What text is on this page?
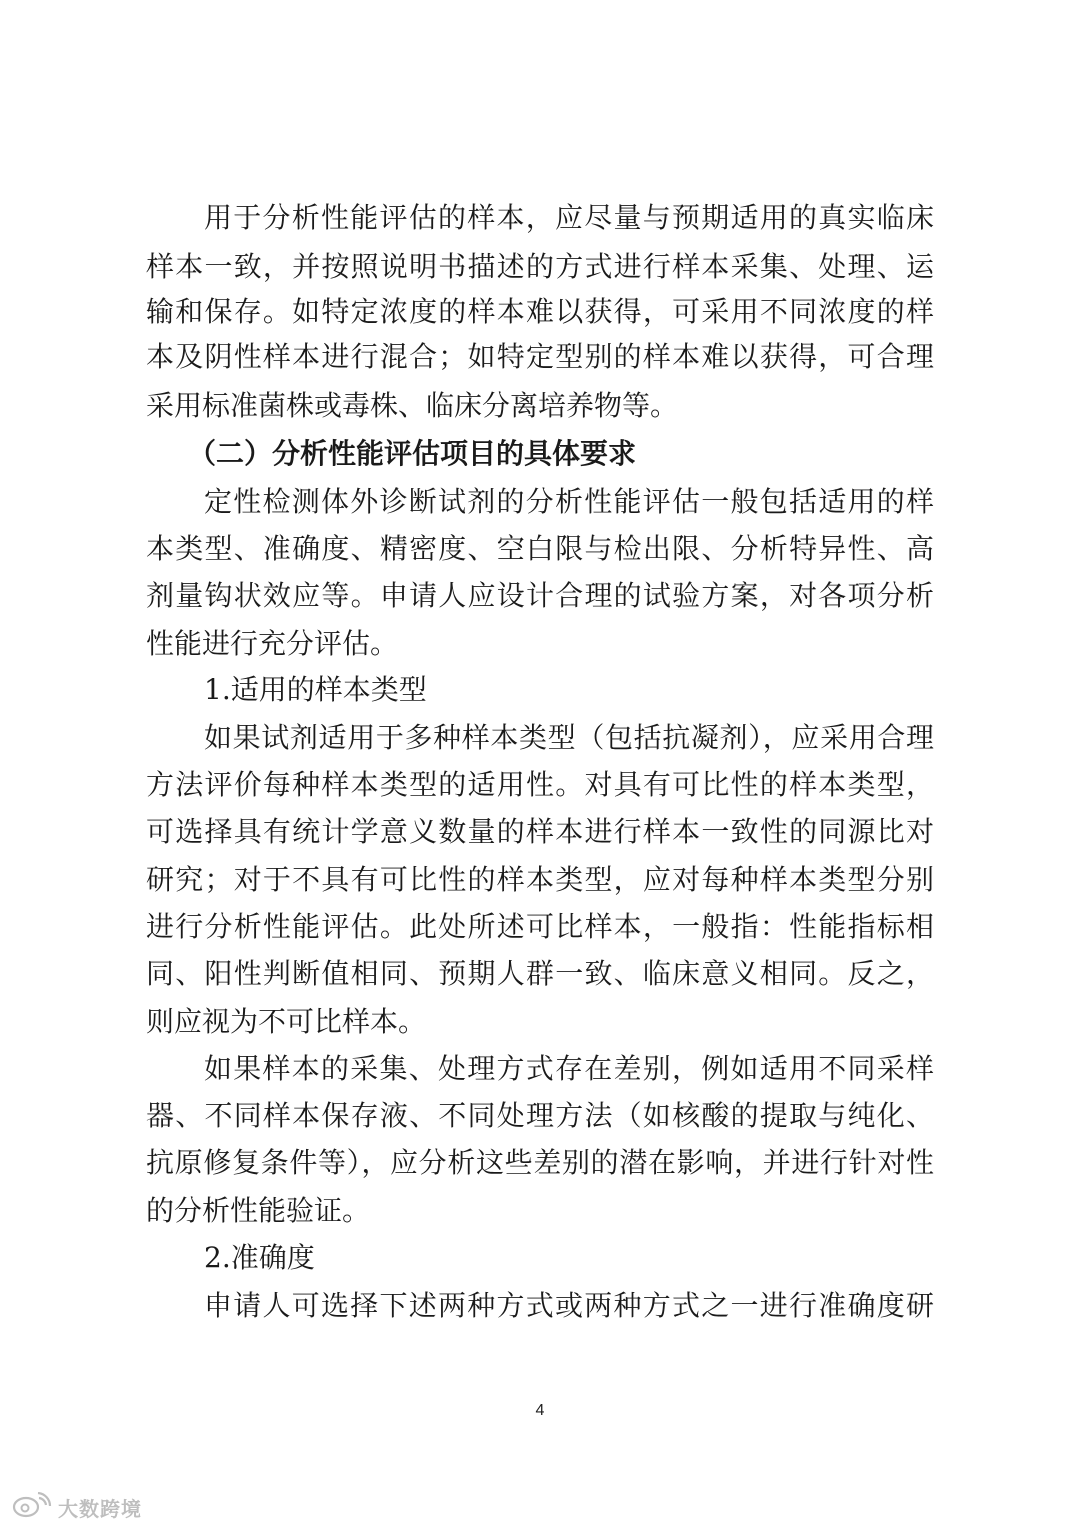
用于分析性能评估的样本，应尽量与预期适用的真实临床
样本一致，并按照说明书描述的方式进行样本采集、处理、运
输和保存。如特定浓度的样本难以获得，可采用不同浓度的样
本及阴性样本进行混合；如特定型别的样本难以获得，可合理
采用标准菌株或毒株、临床分离培养物等。
（二）分析性能评估项目的具体要求
定性检测体外诊断试剂的分析性能评估一般包括适用的样
本类型、准确度、精密度、空白限与检出限、分析特异性、高
剂量钩状效应等。申请人应设计合理的试验方案，对各项分析
性能进行充分评估。
1.适用的样本类型
如果试剂适用于多种样本类型（包括抗凝剂），应采用合理
方法评价每种样本类型的适用性。对具有可比性的样本类型，
可选择具有统计学意义数量的样本进行样本一致性的同源比对
研究；对于不具有可比性的样本类型，应对每种样本类型分别
进行分析性能评估。此处所述可比样本，一般指：性能指标相
同、阳性判断值相同、预期人群一致、临床意义相同。反之，
则应视为不可比样本。
如果样本的采集、处理方式存在差别，例如适用不同采样
器、不同样本保存液、不同处理方法（如核酸的提取与纯化、
抗原修复条件等），应分析这些差别的潜在影响，并进行针对性
的分析性能验证。
2.准确度
申请人可选择下述两种方式或两种方式之一进行准确度研
4
大数跨境
